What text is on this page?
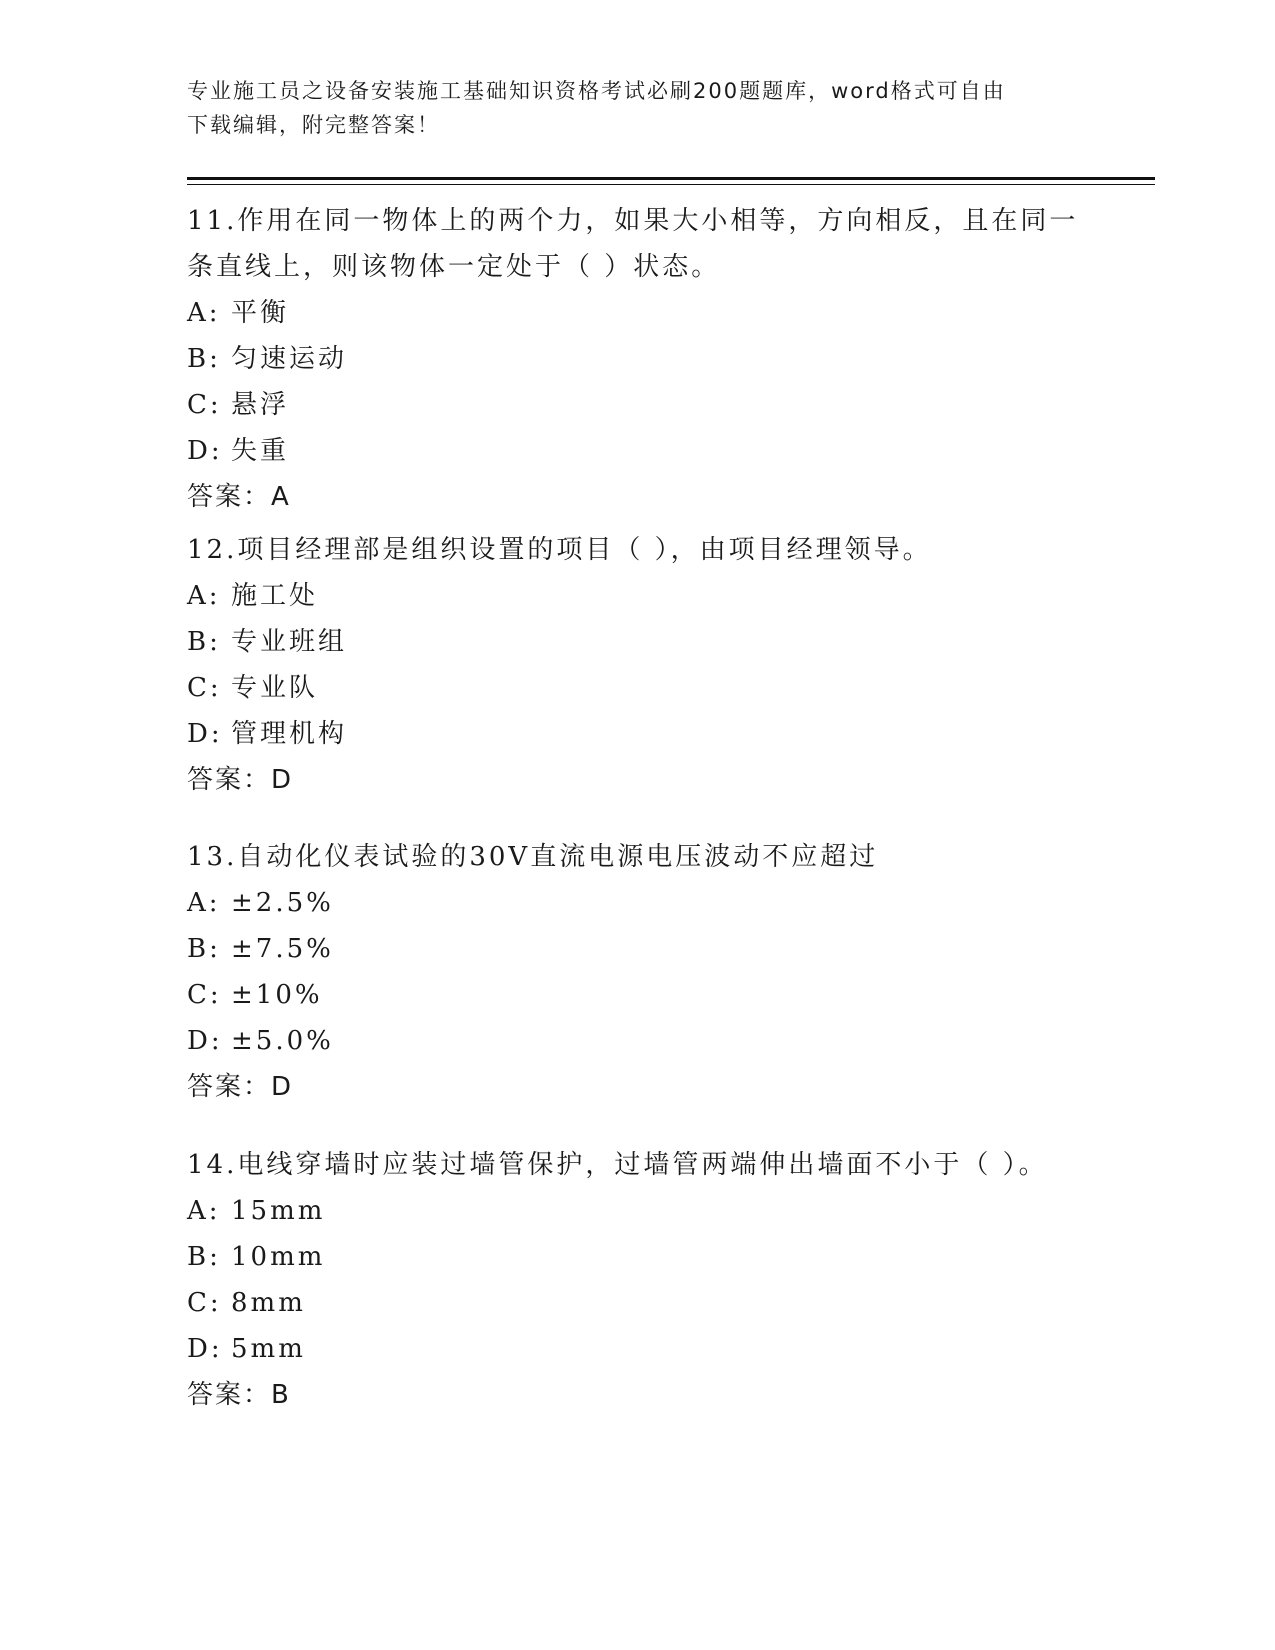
专业施工员之设备安装施工基础知识资格考试必刷200题题库，word格式可自由
下载编辑，附完整答案！
11.作用在同一物体上的两个力，如果大小相等，方向相反，且在同一
条直线上，则该物体一定处于（ ）状态。
A: 平衡
B: 匀速运动
C: 悬浮
D: 失重
答案：A
12.项目经理部是组织设置的项目（ ），由项目经理领导。
A: 施工处
B: 专业班组
C: 专业队
D: 管理机构
答案：D
13.自动化仪表试验的30V直流电源电压波动不应超过
A: ±2.5%
B: ±7.5%
C: ±10%
D: ±5.0%
答案：D
14.电线穿墙时应装过墙管保护，过墙管两端伸出墙面不小于（ ）。
A: 15mm
B: 10mm
C: 8mm
D: 5mm
答案：B
